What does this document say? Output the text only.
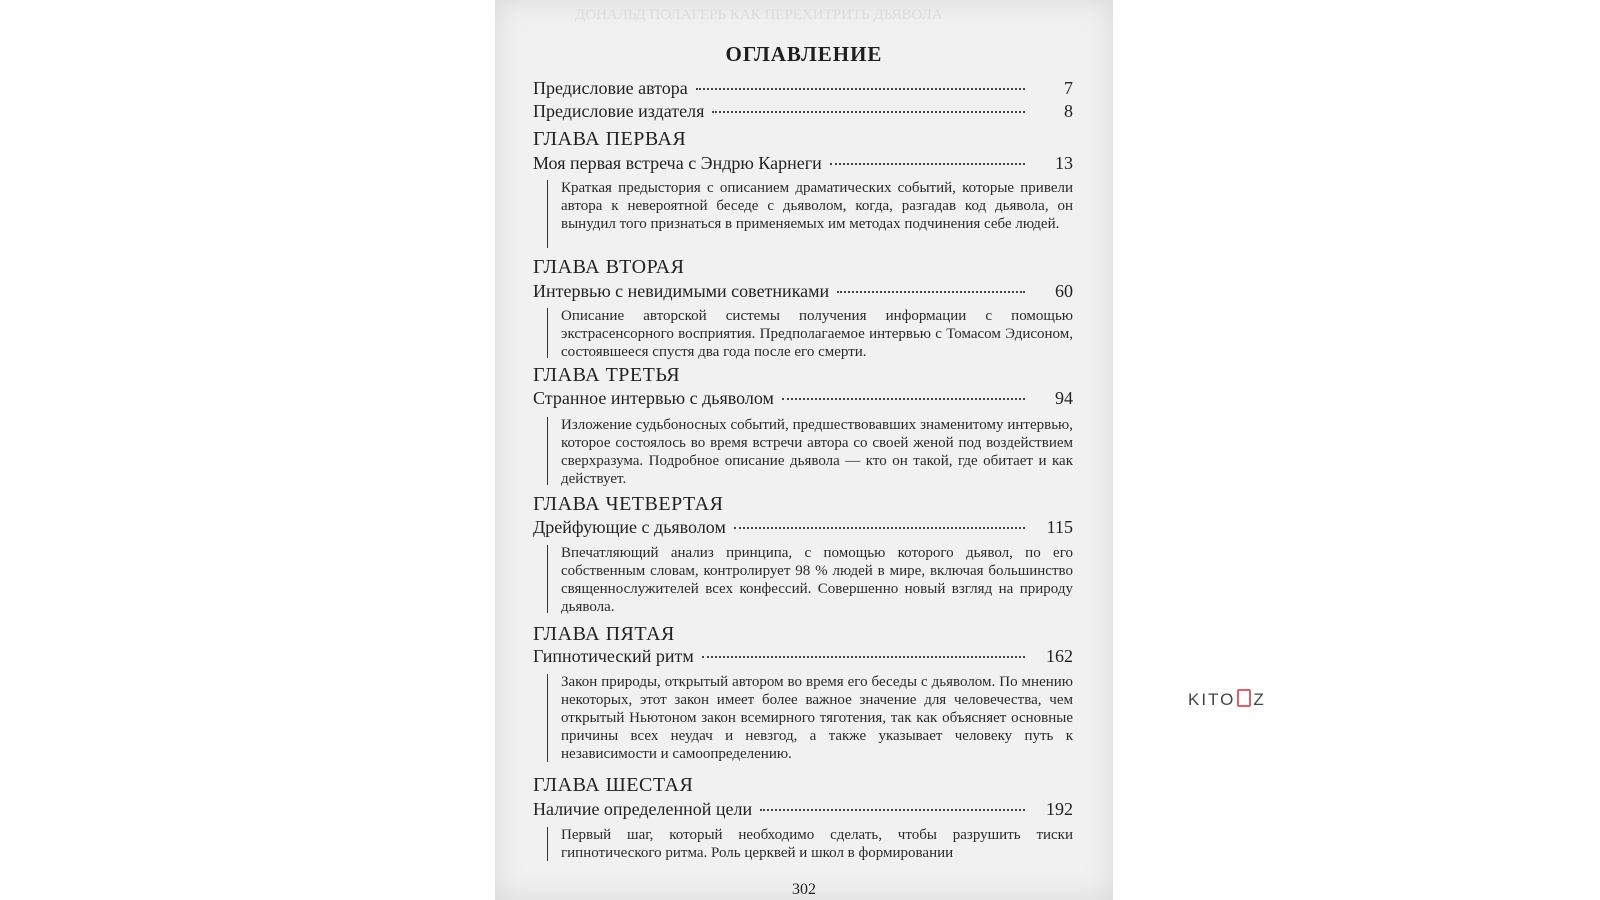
ДОНАЛЬД ПОЛАГЕРЬ КАК ПЕРЕХИТРИТЬ ДЬЯВОЛА
ОГЛАВЛЕНИЕ
Предисловие автора	7
Предисловие издателя	8
ГЛАВА ПЕРВАЯ
Моя первая встреча с Эндрю Карнеги	13
Краткая предыстория с описанием драматических событий, которые привели автора к невероятной беседе с дьяволом, когда, разгадав код дьявола, он вынудил того признаться в применяемых им методах подчинения себе людей.
ГЛАВА ВТОРАЯ
Интервью с невидимыми советниками	60
Описание авторской системы получения информации с помощью экстрасенсорного восприятия. Предполагаемое интервью с Томасом Эдисоном, состоявшееся спустя два года после его смерти.
ГЛАВА ТРЕТЬЯ
Странное интервью с дьяволом	94
Изложение судьбоносных событий, предшествовавших знаменитому интервью, которое состоялось во время встречи автора со своей женой под воздействием сверхразума. Подробное описание дьявола — кто он такой, где обитает и как действует.
ГЛАВА ЧЕТВЕРТАЯ
Дрейфующие с дьяволом	115
Впечатляющий анализ принципа, с помощью которого дьявол, по его собственным словам, контролирует 98 % людей в мире, включая большинство священнослужителей всех конфессий. Совершенно новый взгляд на природу дьявола.
ГЛАВА ПЯТАЯ
Гипнотический ритм	162
Закон природы, открытый автором во время его беседы с дьяволом. По мнению некоторых, этот закон имеет более важное значение для человечества, чем открытый Ньютоном закон всемирного тяготения, так как объясняет основные причины всех неудач и невзгод, а также указывает человеку путь к независимости и самоопределению.
ГЛАВА ШЕСТАЯ
Наличие определенной цели	192
Первый шаг, который необходимо сделать, чтобы разрушить тиски гипнотического ритма. Роль церквей и школ в формировании
302
KITO Z
